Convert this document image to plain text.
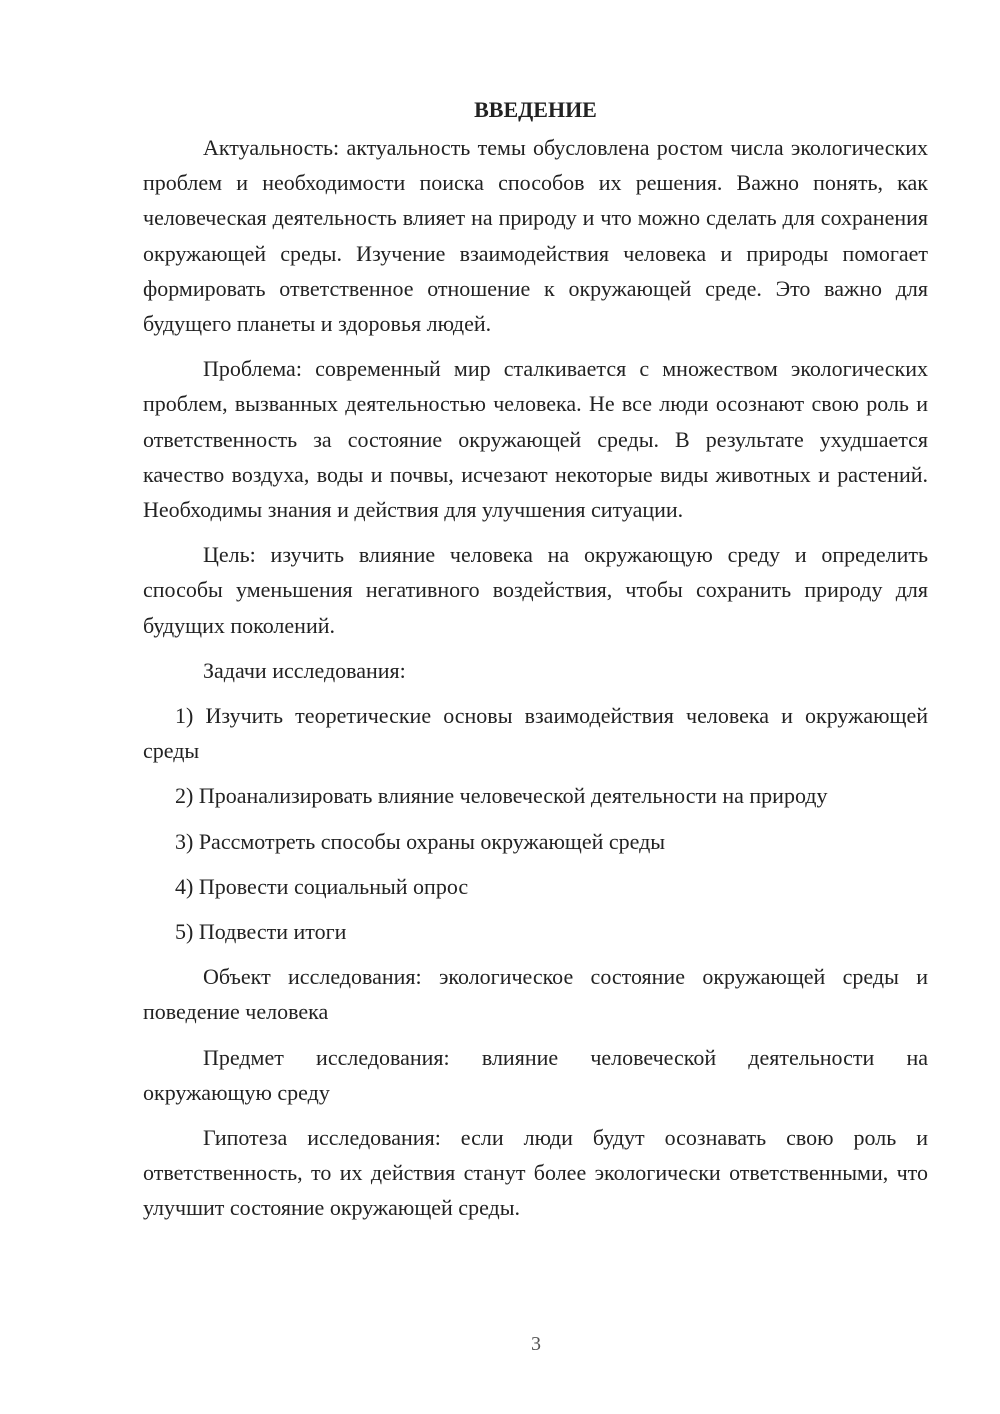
ВВЕДЕНИЕ

Актуальность: актуальность темы обусловлена ростом числа экологических проблем и необходимости поиска способов их решения. Важно понять, как человеческая деятельность влияет на природу и что можно сделать для сохранения окружающей среды. Изучение взаимодействия человека и природы помогает формировать ответственное отношение к окружающей среде. Это важно для будущего планеты и здоровья людей.

Проблема: современный мир сталкивается с множеством экологических проблем, вызванных деятельностью человека. Не все люди осознают свою роль и ответственность за состояние окружающей среды. В результате ухудшается качество воздуха, воды и почвы, исчезают некоторые виды животных и растений. Необходимы знания и действия для улучшения ситуации.

Цель: изучить влияние человека на окружающую среду и определить способы уменьшения негативного воздействия, чтобы сохранить природу для будущих поколений.

Задачи исследования:

1) Изучить теоретические основы взаимодействия человека и окружающей среды

2) Проанализировать влияние человеческой деятельности на природу

3) Рассмотреть способы охраны окружающей среды

4) Провести социальный опрос

5) Подвести итоги

Объект исследования: экологическое состояние окружающей среды и поведение человека

Предмет исследования: влияние человеческой деятельности на окружающую среду

Гипотеза исследования: если люди будут осознавать свою роль и ответственность, то их действия станут более экологически ответственными, что улучшит состояние окружающей среды.

3
